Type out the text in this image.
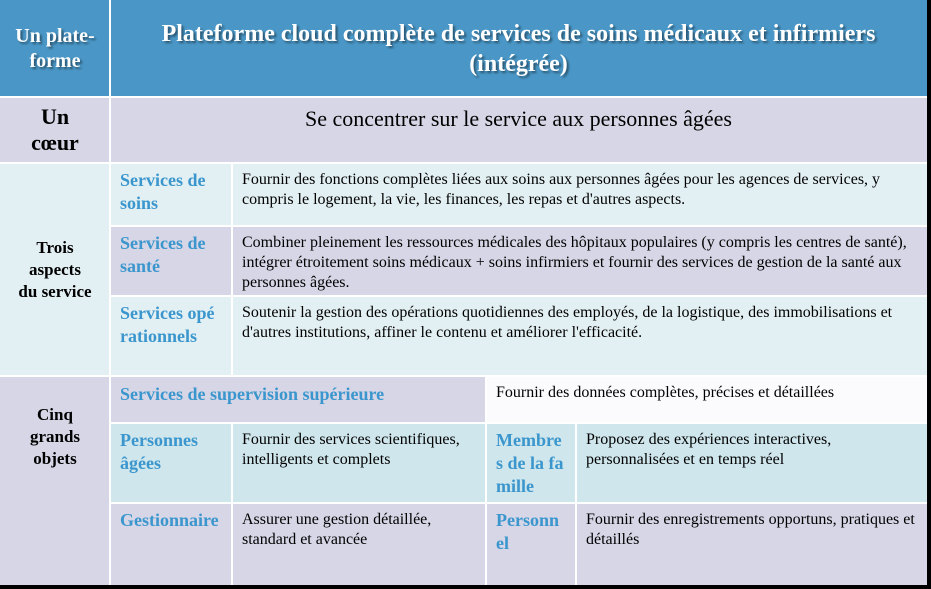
Un plate-forme
Plateforme cloud complète de services de soins médicaux et infirmiers (intégrée)
Un cœur
Se concentrer sur le service aux personnes âgées
Trois aspects du service
Services de soins
Fournir des fonctions complètes liées aux soins aux personnes âgées pour les agences de services, y compris le logement, la vie, les finances, les repas et d'autres aspects.
Services de santé
Combiner pleinement les ressources médicales des hôpitaux populaires (y compris les centres de santé), intégrer étroitement soins médicaux + soins infirmiers et fournir des services de gestion de la santé aux personnes âgées.
Services opérationnels
Soutenir la gestion des opérations quotidiennes des employés, de la logistique, des immobilisations et d'autres institutions, affiner le contenu et améliorer l'efficacité.
Cinq grands objets
Services de supervision supérieure	Fournir des données complètes, précises et détaillées
Personnes âgées
Fournir des services scientifiques, intelligents et complets
Membres de la famille
Proposez des expériences interactives, personnalisées et en temps réel
Gestionnaire	Assurer une gestion détaillée, standard et avancée
Personnel
Fournir des enregistrements opportuns, pratiques et détaillés
